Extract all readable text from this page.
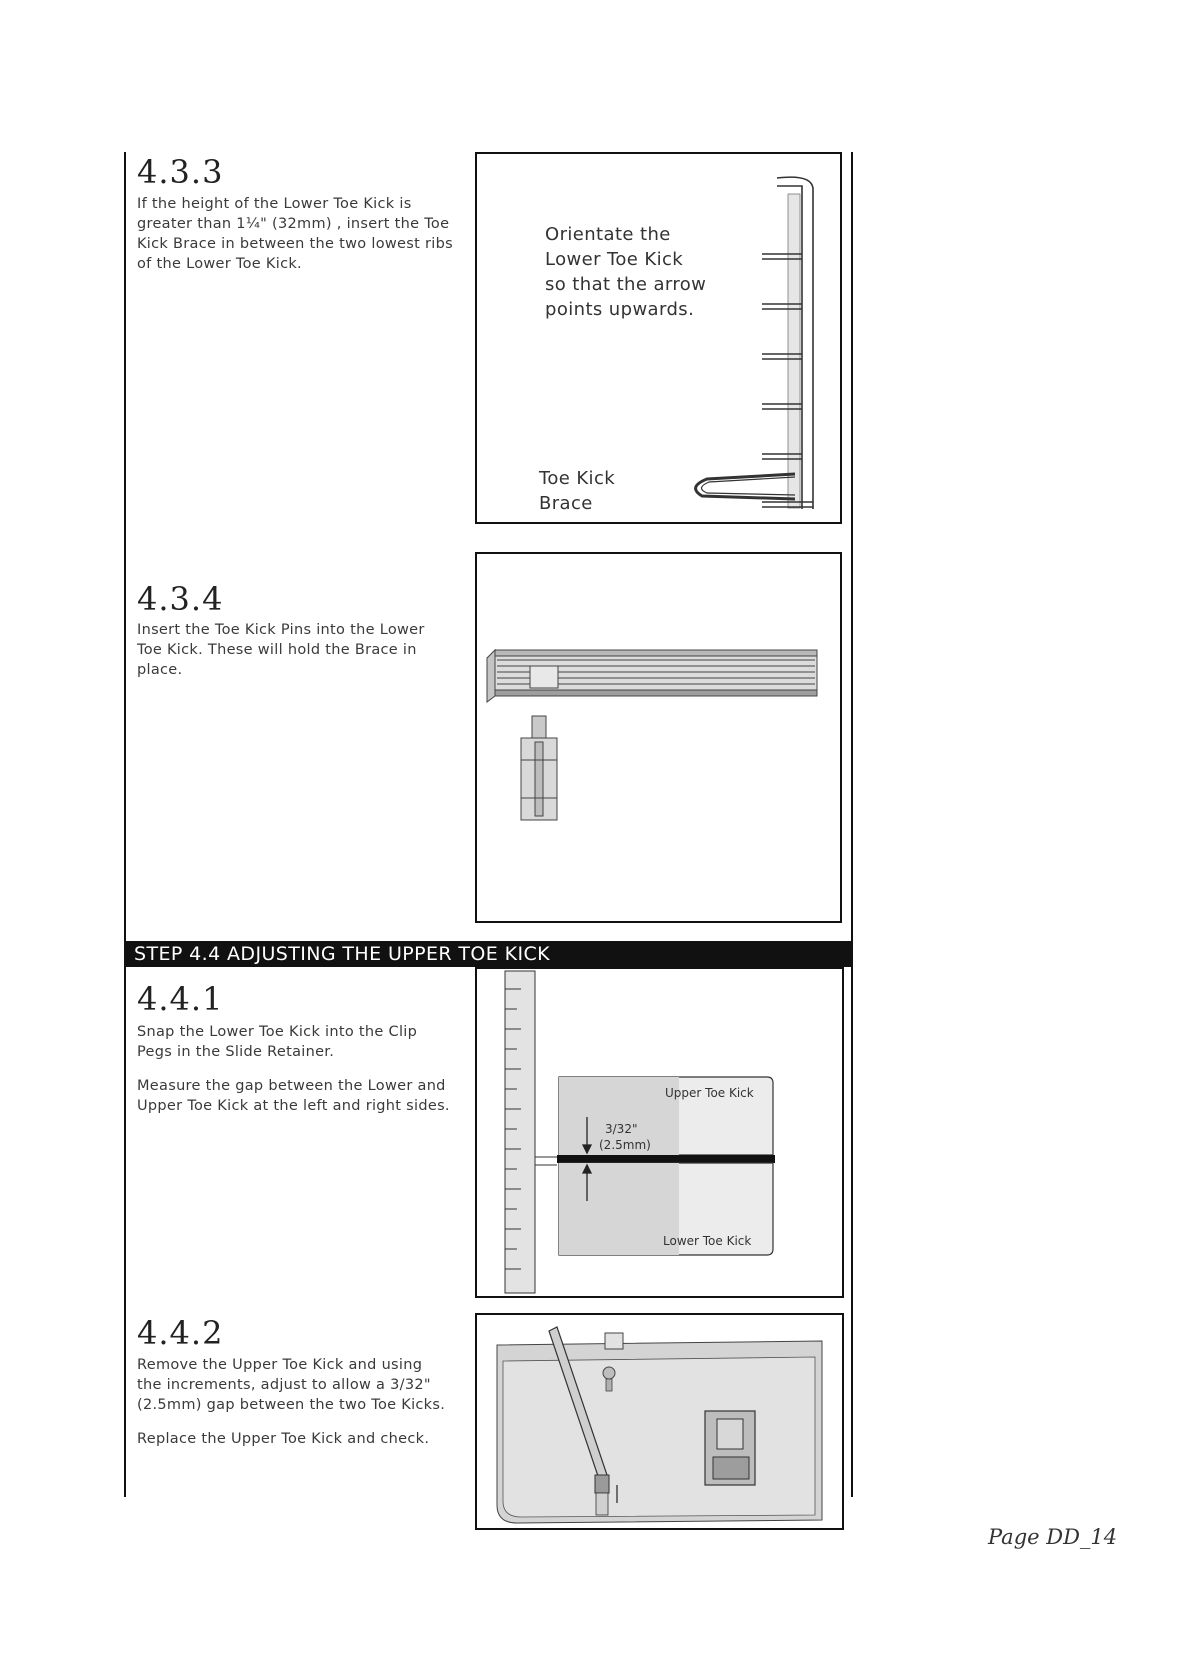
4.3.3
If the height of the Lower Toe Kick is
greater than 1¼" (32mm) , insert the Toe
Kick Brace in between the two lowest ribs
of the Lower Toe Kick.
Orientate the
Lower Toe Kick
so that the arrow
points upwards.
Toe Kick
Brace
4.3.4
Insert the Toe Kick Pins into the Lower
Toe Kick. These will hold the Brace in
place.
STEP 4.4 ADJUSTING THE UPPER TOE KICK
4.4.1
Snap the Lower Toe Kick into the Clip
Pegs in the Slide Retainer.
Measure the gap between the Lower and
Upper Toe Kick at the left and right sides.
Upper Toe Kick
3/32"
(2.5mm)
Lower Toe Kick
4.4.2
Remove the Upper Toe Kick and using
the increments, adjust to allow a 3/32"
(2.5mm) gap between the two Toe Kicks.
Replace the Upper Toe Kick and check.
Page DD_14
